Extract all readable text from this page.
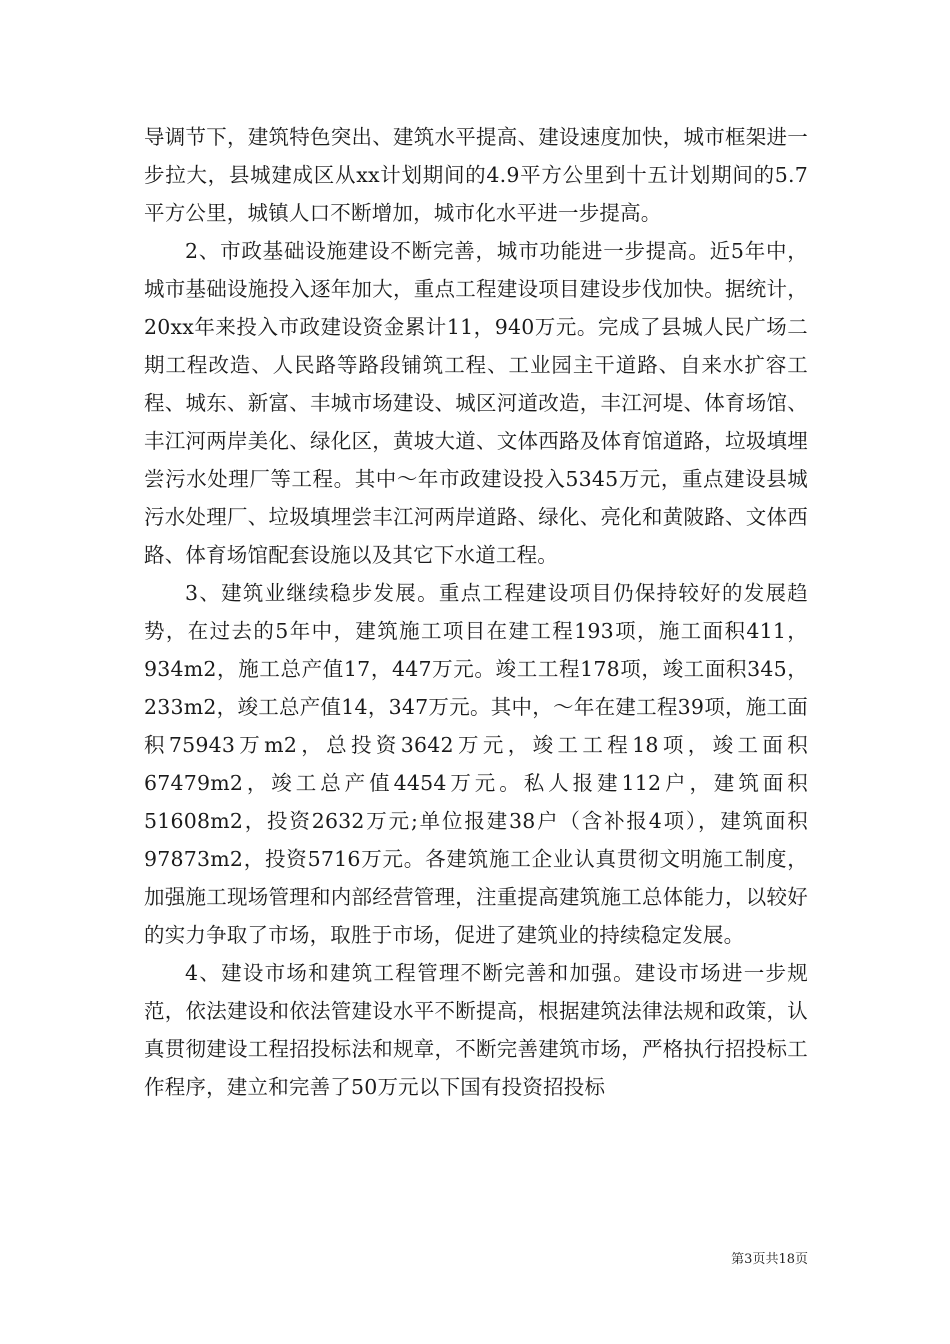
导调节下，建筑特色突出、建筑水平提高、建设速度加快，城市框架进一步拉大，县城建成区从xx计划期间的4.9平方公里到十五计划期间的5.7平方公里，城镇人口不断增加，城市化水平进一步提高。

2、市政基础设施建设不断完善，城市功能进一步提高。近5年中，城市基础设施投入逐年加大，重点工程建设项目建设步伐加快。据统计，20xx年来投入市政建设资金累计11，940万元。完成了县城人民广场二期工程改造、人民路等路段铺筑工程、工业园主干道路、自来水扩容工程、城东、新富、丰城市场建设、城区河道改造，丰江河堤、体育场馆、丰江河两岸美化、绿化区，黄坡大道、文体西路及体育馆道路，垃圾填埋尝污水处理厂等工程。其中～年市政建设投入5345万元，重点建设县城污水处理厂、垃圾填埋尝丰江河两岸道路、绿化、亮化和黄陂路、文体西路、体育场馆配套设施以及其它下水道工程。

3、建筑业继续稳步发展。重点工程建设项目仍保持较好的发展趋势，在过去的5年中，建筑施工项目在建工程193项，施工面积411，934m2，施工总产值17，447万元。竣工工程178项，竣工面积345，233m2，竣工总产值14，347万元。其中，～年在建工程39项，施工面积75943万m2，总投资3642万元，竣工工程18项，竣工面积67479m2，竣工总产值4454万元。私人报建112户，建筑面积51608m2，投资2632万元;单位报建38户（含补报4项），建筑面积97873m2，投资5716万元。各建筑施工企业认真贯彻文明施工制度，加强施工现场管理和内部经营管理，注重提高建筑施工总体能力，以较好的实力争取了市场，取胜于市场，促进了建筑业的持续稳定发展。

4、建设市场和建筑工程管理不断完善和加强。建设市场进一步规范，依法建设和依法管建设水平不断提高，根据建筑法律法规和政策，认真贯彻建设工程招投标法和规章，不断完善建筑市场，严格执行招投标工作程序，建立和完善了50万元以下国有投资招投标

第3页共18页
